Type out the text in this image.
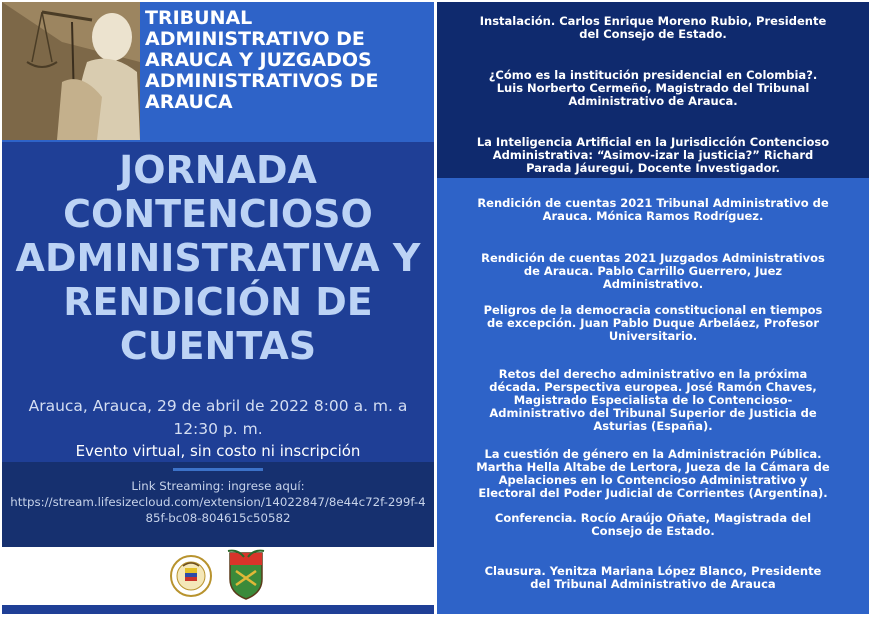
TRIBUNAL ADMINISTRATIVO DE ARAUCA Y JUZGADOS ADMINISTRATIVOS DE ARAUCA
JORNADA CONTENCIOSO ADMINISTRATIVA Y RENDICIÓN DE CUENTAS
Arauca, Arauca, 29 de abril de 2022 8:00 a. m. a 12:30 p. m.
Evento virtual, sin costo ni inscripción
Link Streaming: ingrese aquí:
https://stream.lifesizecloud.com/extension/14022847/8e44c72f-299f-485f-bc08-804615c50582
Instalación. Carlos Enrique Moreno Rubio, Presidente del Consejo de Estado.
¿Cómo es la institución presidencial en Colombia?. Luis Norberto Cermeño, Magistrado del Tribunal Administrativo de Arauca.
La Inteligencia Artificial en la Jurisdicción Contencioso Administrativa: “Asimov-izar la justicia?” Richard Parada Jáuregui, Docente Investigador.
Rendición de cuentas 2021 Tribunal Administrativo de Arauca. Mónica Ramos Rodríguez.
Rendición de cuentas 2021 Juzgados Administrativos de Arauca. Pablo Carrillo Guerrero, Juez Administrativo.
Peligros de la democracia constitucional en tiempos de excepción. Juan Pablo Duque Arbeláez, Profesor Universitario.
Retos del derecho administrativo en la próxima década. Perspectiva europea. José Ramón Chaves, Magistrado Especialista de lo Contencioso-Administrativo del Tribunal Superior de Justicia de Asturias (España).
La cuestión de género en la Administración Pública.
Martha Hella Altabe de Lertora, Jueza de la Cámara de Apelaciones en lo Contencioso Administrativo y Electoral del Poder Judicial de Corrientes (Argentina).
Conferencia. Rocío Araújo Oñate, Magistrada del Consejo de Estado.
Clausura. Yenitza Mariana López Blanco, Presidente del Tribunal Administrativo de Arauca
